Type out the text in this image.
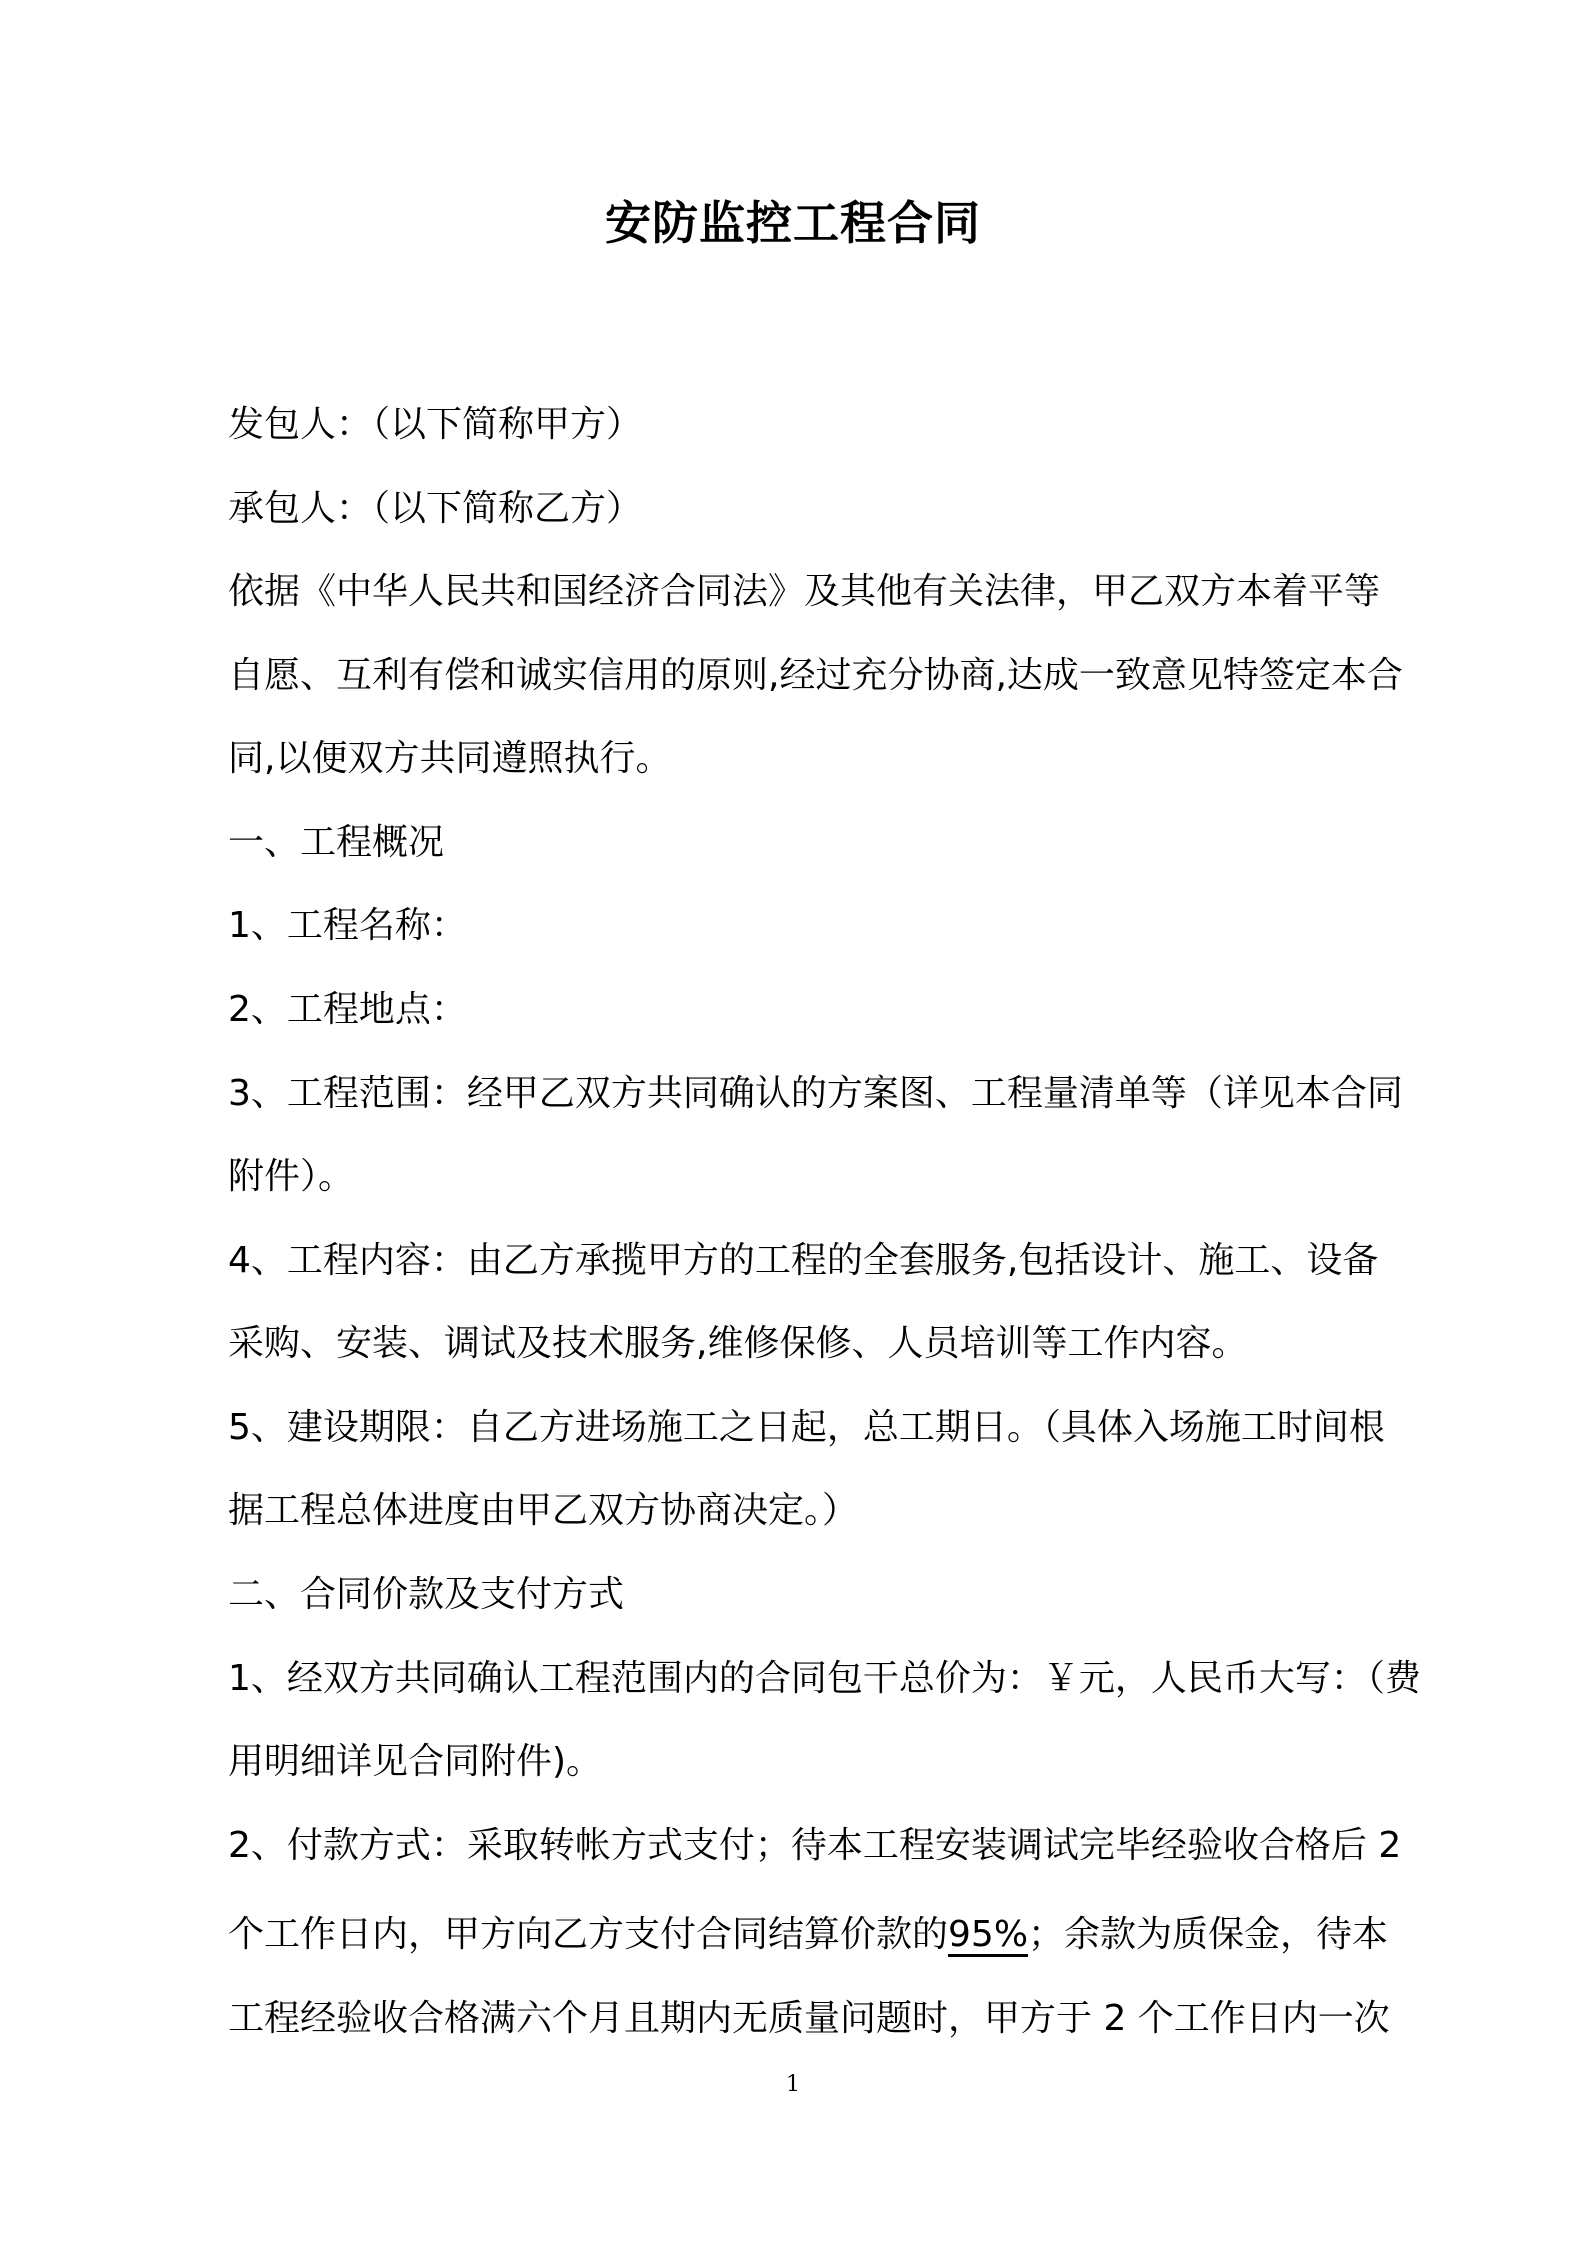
安防监控工程合同
发包人：（以下简称甲方）
承包人：（以下简称乙方）
依据《中华人民共和国经济合同法》及其他有关法律，甲乙双方本着平等
自愿、互利有偿和诚实信用的原则,经过充分协商,达成一致意见特签定本合
同,以便双方共同遵照执行。
一、工程概况
1、工程名称：
2、工程地点：
3、工程范围：经甲乙双方共同确认的方案图、工程量清单等（详见本合同
附件）。
4、工程内容：由乙方承揽甲方的工程的全套服务,包括设计、施工、设备
采购、安装、调试及技术服务,维修保修、人员培训等工作内容。
5、建设期限：自乙方进场施工之日起，总工期日。（具体入场施工时间根
据工程总体进度由甲乙双方协商决定。）
二、合同价款及支付方式
1、经双方共同确认工程范围内的合同包干总价为：￥元，人民币大写：（费
用明细详见合同附件)。
2、付款方式：采取转帐方式支付；待本工程安装调试完毕经验收合格后 2
个工作日内，甲方向乙方支付合同结算价款的95%；余款为质保金，待本
工程经验收合格满六个月且期内无质量问题时，甲方于 2 个工作日内一次
1
